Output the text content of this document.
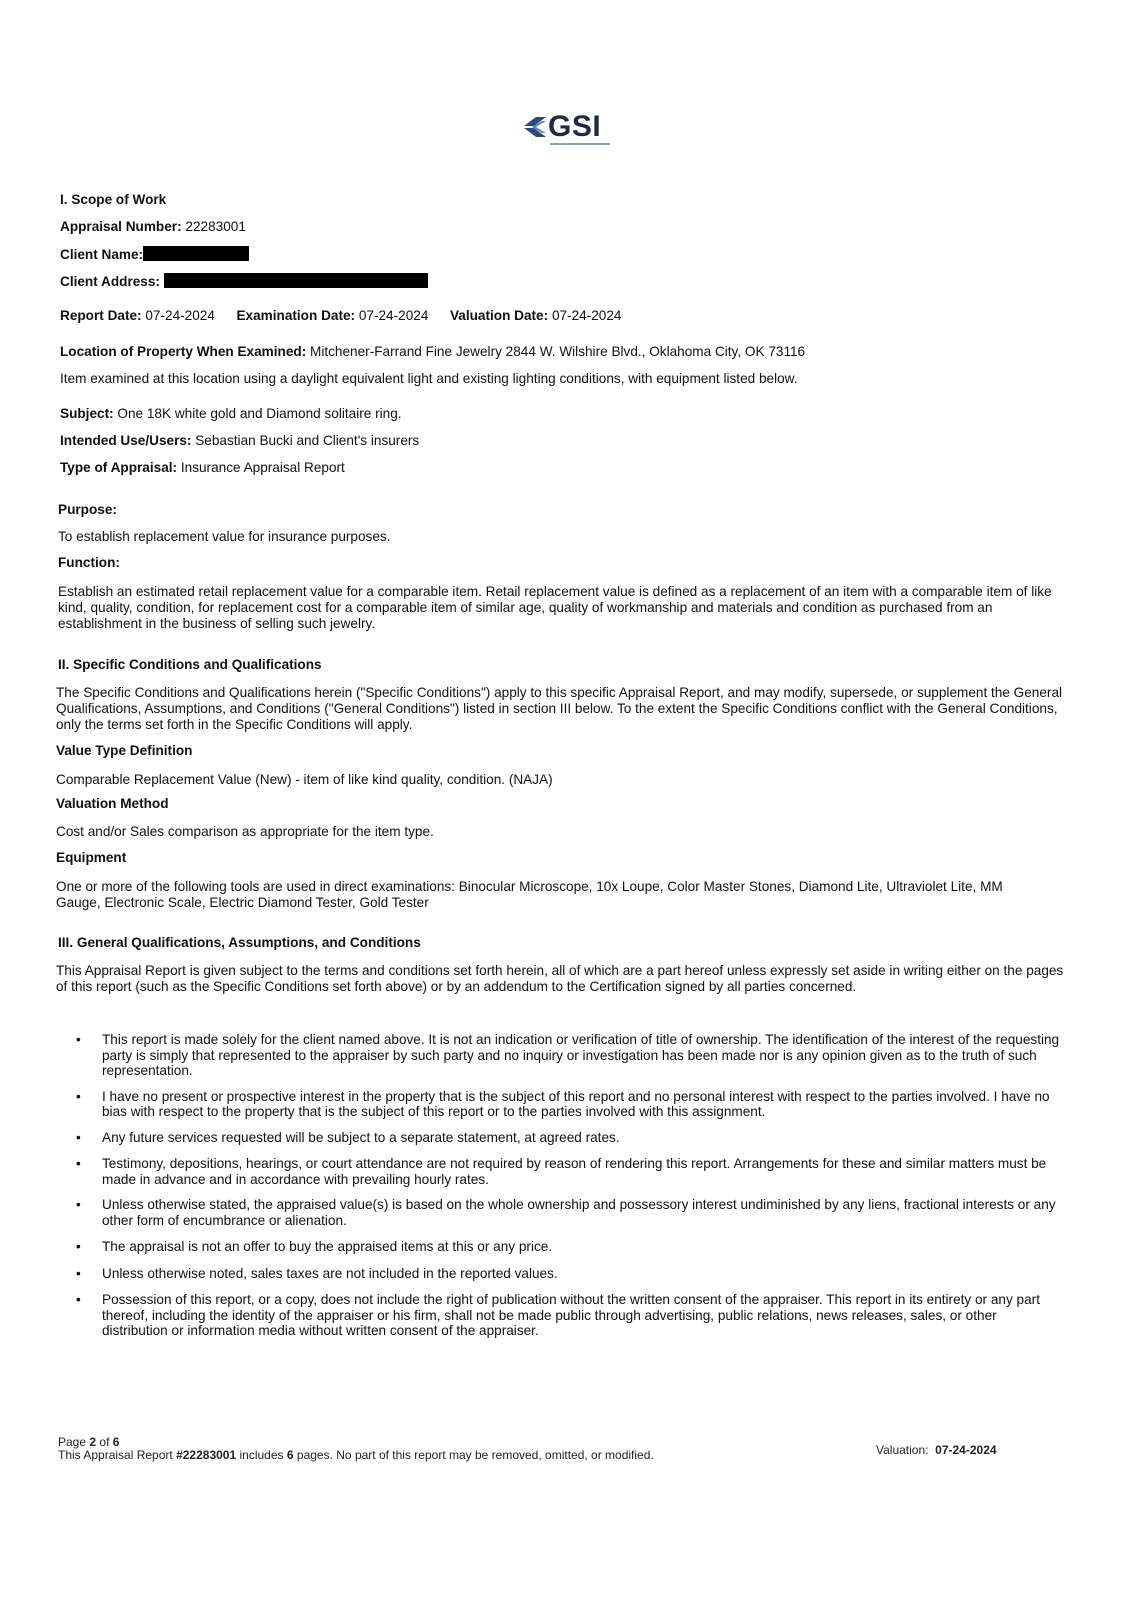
GSI
I. Scope of Work
Appraisal Number: 22283001
Client Name:
Client Address:
Report Date: 07-24-2024 Examination Date: 07-24-2024 Valuation Date: 07-24-2024
Location of Property When Examined: Mitchener-Farrand Fine Jewelry 2844 W. Wilshire Blvd., Oklahoma City, OK 73116
Item examined at this location using a daylight equivalent light and existing lighting conditions, with equipment listed below.
Subject: One 18K white gold and Diamond solitaire ring.
Intended Use/Users: Sebastian Bucki and Client's insurers
Type of Appraisal: Insurance Appraisal Report
Purpose:
To establish replacement value for insurance purposes.
Function:
Establish an estimated retail replacement value for a comparable item. Retail replacement value is defined as a replacement of an item with a comparable item of like kind, quality, condition, for replacement cost for a comparable item of similar age, quality of workmanship and materials and condition as purchased from an establishment in the business of selling such jewelry.
II. Specific Conditions and Qualifications
The Specific Conditions and Qualifications herein ("Specific Conditions") apply to this specific Appraisal Report, and may modify, supersede, or supplement the General Qualifications, Assumptions, and Conditions ("General Conditions") listed in section III below. To the extent the Specific Conditions conflict with the General Conditions, only the terms set forth in the Specific Conditions will apply.
Value Type Definition
Comparable Replacement Value (New) - item of like kind quality, condition. (NAJA)
Valuation Method
Cost and/or Sales comparison as appropriate for the item type.
Equipment
One or more of the following tools are used in direct examinations: Binocular Microscope, 10x Loupe, Color Master Stones, Diamond Lite, Ultraviolet Lite, MM Gauge, Electronic Scale, Electric Diamond Tester, Gold Tester
III. General Qualifications, Assumptions, and Conditions
This Appraisal Report is given subject to the terms and conditions set forth herein, all of which are a part hereof unless expressly set aside in writing either on the pages of this report (such as the Specific Conditions set forth above) or by an addendum to the Certification signed by all parties concerned.
• This report is made solely for the client named above. It is not an indication or verification of title of ownership. The identification of the interest of the requesting party is simply that represented to the appraiser by such party and no inquiry or investigation has been made nor is any opinion given as to the truth of such representation.
• I have no present or prospective interest in the property that is the subject of this report and no personal interest with respect to the parties involved. I have no bias with respect to the property that is the subject of this report or to the parties involved with this assignment.
• Any future services requested will be subject to a separate statement, at agreed rates.
• Testimony, depositions, hearings, or court attendance are not required by reason of rendering this report. Arrangements for these and similar matters must be made in advance and in accordance with prevailing hourly rates.
• Unless otherwise stated, the appraised value(s) is based on the whole ownership and possessory interest undiminished by any liens, fractional interests or any other form of encumbrance or alienation.
• The appraisal is not an offer to buy the appraised items at this or any price.
• Unless otherwise noted, sales taxes are not included in the reported values.
• Possession of this report, or a copy, does not include the right of publication without the written consent of the appraiser. This report in its entirety or any part thereof, including the identity of the appraiser or his firm, shall not be made public through advertising, public relations, news releases, sales, or other distribution or information media without written consent of the appraiser.
Page 2 of 6
This Appraisal Report #22283001 includes 6 pages. No part of this report may be removed, omitted, or modified.	Valuation: 07-24-2024
